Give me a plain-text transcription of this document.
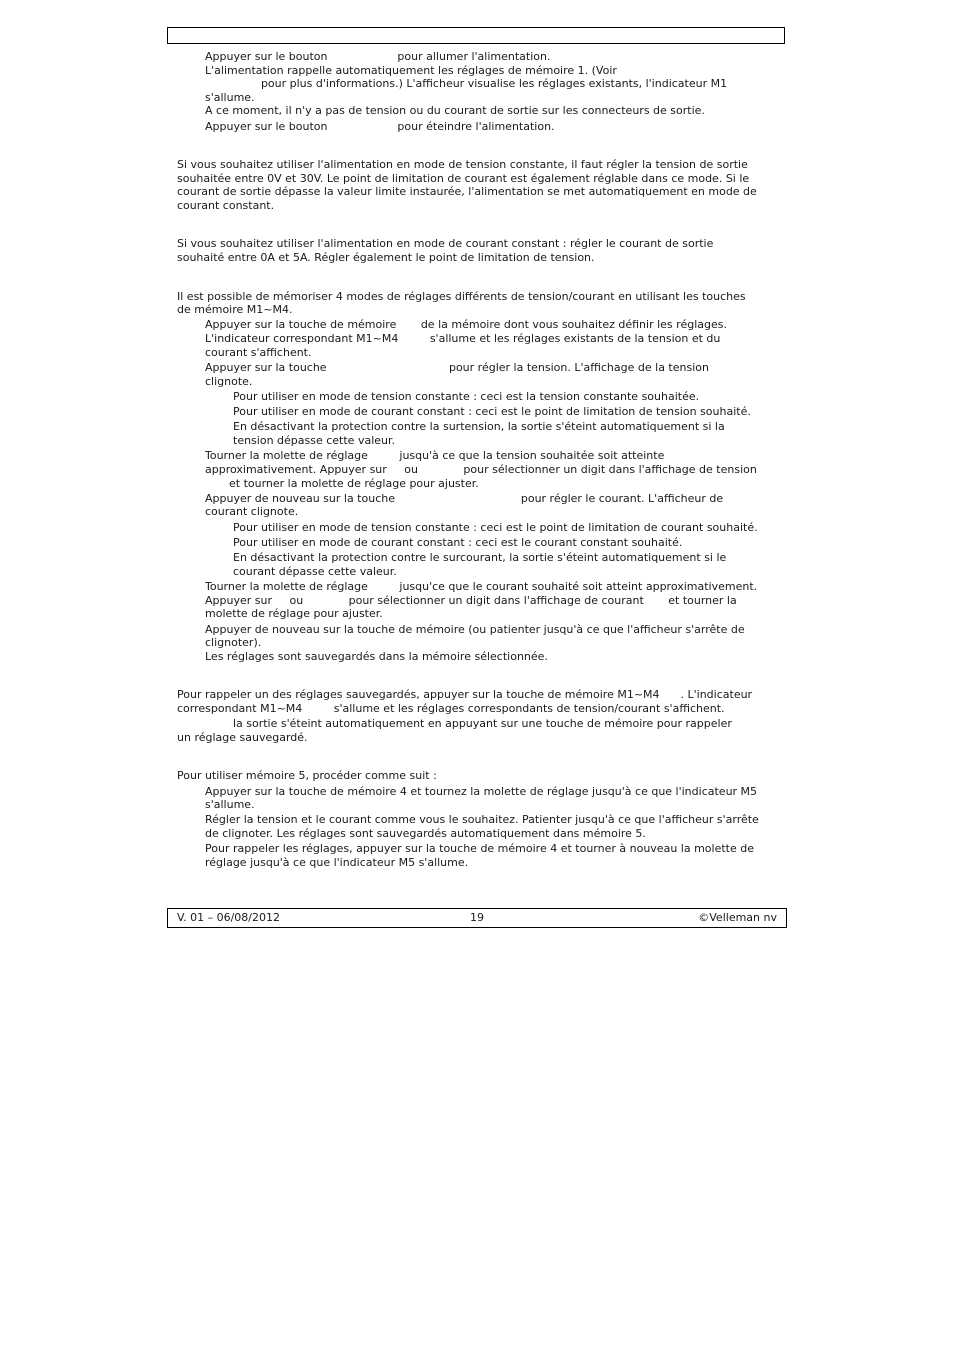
Appuyer sur le bouton                    pour allumer l'alimentation.

L'alimentation rappelle automatiquement les réglages de mémoire 1. (Voir

pour plus d'informations.) L'afficheur visualise les réglages existants, l'indicateur M1

s'allume.

A ce moment, il n'y a pas de tension ou du courant de sortie sur les connecteurs de sortie.

Appuyer sur le bouton                    pour éteindre l'alimentation.

Si vous souhaitez utiliser l'alimentation en mode de tension constante, il faut régler la tension de sortie

souhaitée entre 0V et 30V. Le point de limitation de courant est également réglable dans ce mode. Si le

courant de sortie dépasse la valeur limite instaurée, l'alimentation se met automatiquement en mode de

courant constant.

Si vous souhaitez utiliser l'alimentation en mode de courant constant : régler le courant de sortie

souhaité entre 0A et 5A. Régler également le point de limitation de tension.

Il est possible de mémoriser 4 modes de réglages différents de tension/courant en utilisant les touches

de mémoire M1~M4.

Appuyer sur la touche de mémoire       de la mémoire dont vous souhaitez définir les réglages.

L'indicateur correspondant M1~M4         s'allume et les réglages existants de la tension et du

courant s'affichent.

Appuyer sur la touche                                   pour régler la tension. L'affichage de la tension

clignote.

Pour utiliser en mode de tension constante : ceci est la tension constante souhaitée.

Pour utiliser en mode de courant constant : ceci est le point de limitation de tension souhaité.

En désactivant la protection contre la surtension, la sortie s'éteint automatiquement si la

tension dépasse cette valeur.

Tourner la molette de réglage         jusqu'à ce que la tension souhaitée soit atteinte

approximativement. Appuyer sur     ou             pour sélectionner un digit dans l'affichage de tension

et tourner la molette de réglage pour ajuster.

Appuyer de nouveau sur la touche                                    pour régler le courant. L'afficheur de

courant clignote.

Pour utiliser en mode de tension constante : ceci est le point de limitation de courant souhaité.

Pour utiliser en mode de courant constant : ceci est le courant constant souhaité.

En désactivant la protection contre le surcourant, la sortie s'éteint automatiquement si le

courant dépasse cette valeur.

Tourner la molette de réglage         jusqu'ce que le courant souhaité soit atteint approximativement.

Appuyer sur     ou             pour sélectionner un digit dans l'affichage de courant       et tourner la

molette de réglage pour ajuster.

Appuyer de nouveau sur la touche de mémoire (ou patienter jusqu'à ce que l'afficheur s'arrête de

clignoter).

Les réglages sont sauvegardés dans la mémoire sélectionnée.

Pour rappeler un des réglages sauvegardés, appuyer sur la touche de mémoire M1~M4      . L'indicateur

correspondant M1~M4         s'allume et les réglages correspondants de tension/courant s'affichent.

la sortie s'éteint automatiquement en appuyant sur une touche de mémoire pour rappeler

un réglage sauvegardé.

Pour utiliser mémoire 5, procéder comme suit :

Appuyer sur la touche de mémoire 4 et tournez la molette de réglage jusqu'à ce que l'indicateur M5

s'allume.

Régler la tension et le courant comme vous le souhaitez. Patienter jusqu'à ce que l'afficheur s'arrête

de clignoter. Les réglages sont sauvegardés automatiquement dans mémoire 5.

Pour rappeler les réglages, appuyer sur la touche de mémoire 4 et tourner à nouveau la molette de

réglage jusqu'à ce que l'indicateur M5 s'allume.

V. 01 – 06/08/2012	19	©Velleman nv
